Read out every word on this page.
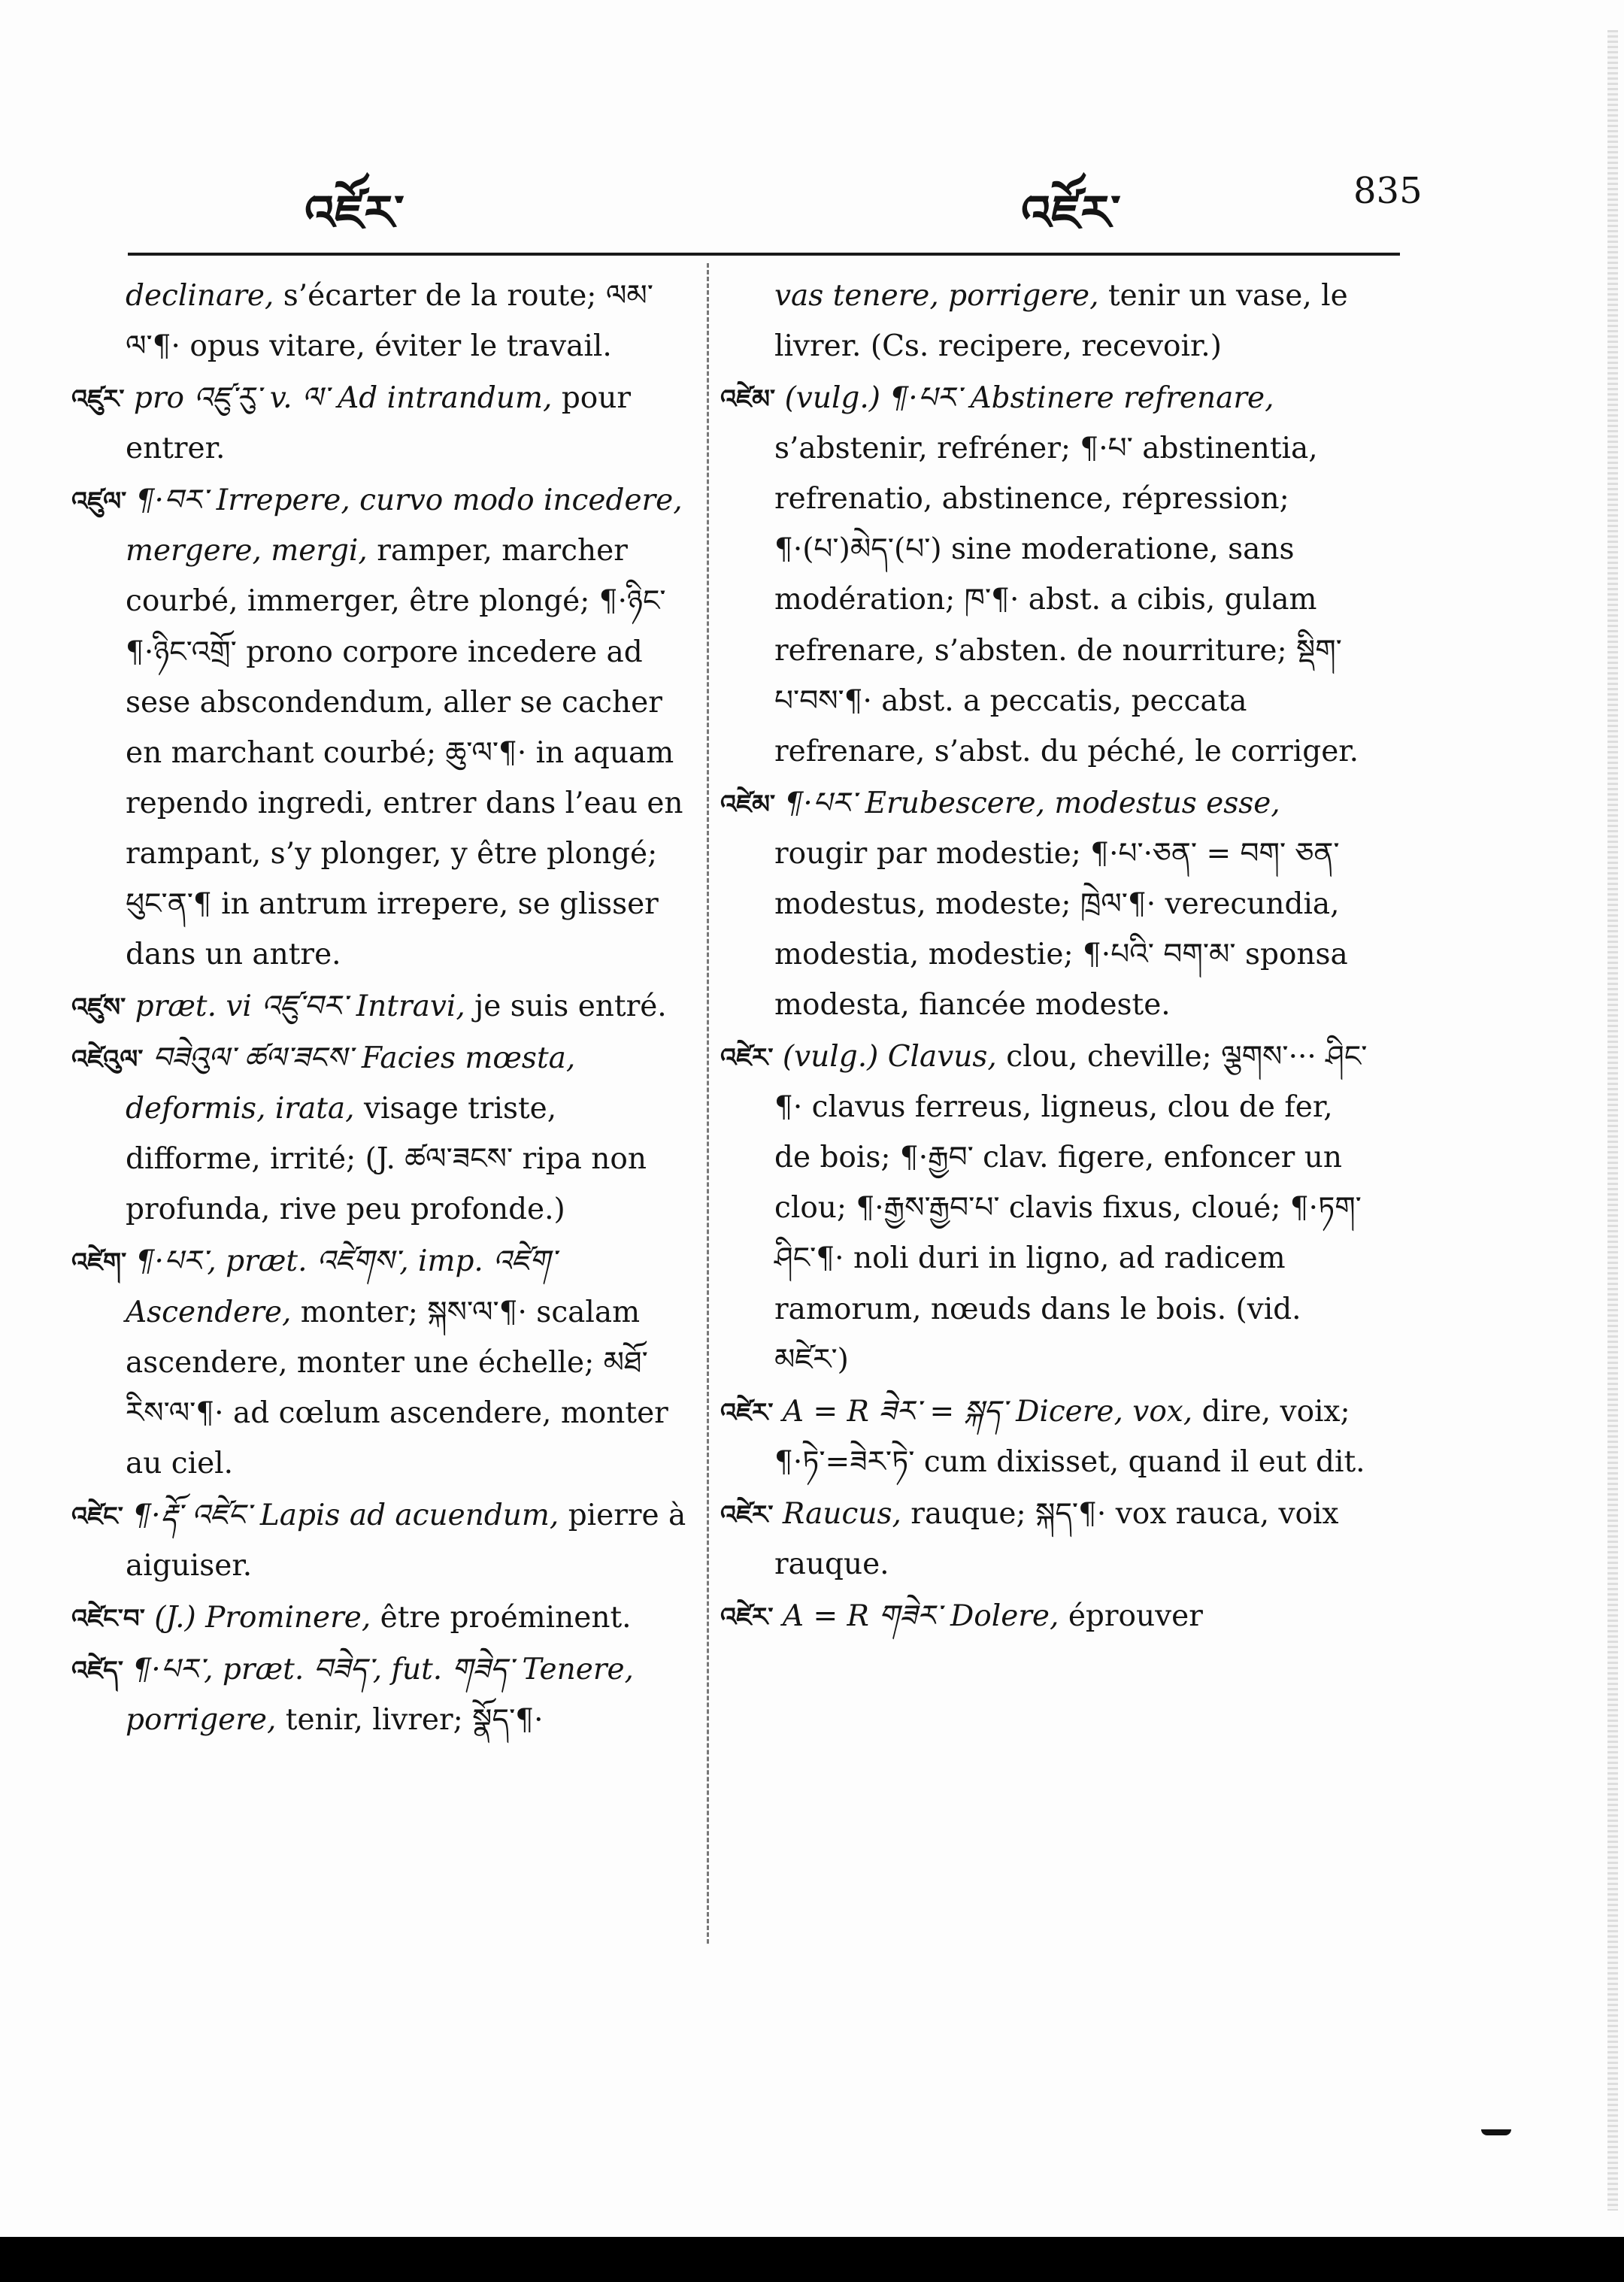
འཛོར་	འཛོར་	835

declinare, s’écarter de la route; ལམ་ ལ་¶· opus vitare, éviter le travail.

འཛུར་ pro འཛུ་རུ་ v. ལ་ Ad intrandum, pour entrer.

འཛུལ་ ¶·བར་ Irrepere, curvo modo incedere, mergere, mergi, ramper, marcher courbé, immerger, être plongé; ¶·ཉིང་ ¶·ཉིང་འགྲོ་ prono corpore incedere ad sese abscondendum, aller se cacher en marchant courbé; ཆུ་ལ་¶· in aquam rependo ingredi, entrer dans l’eau en rampant, s’y plonger, y être plongé; ཕུང་ན་¶ in antrum irrepere, se glisser dans un antre.

འཛུས་ præt. vi འཛུ་བར་ Intravi, je suis entré.

འཛེའུལ་ བཟེའུལ་ ཚལ་ཟངས་ Facies mœsta, deformis, irata, visage triste, difforme, irrité; (J. ཚལ་ཟངས་ ripa non profunda, rive peu profonde.)

འཛེག་ ¶·པར་, præt. འཛེགས་, imp. འཛེག་ Ascendere, monter; སྐས་ལ་¶· scalam ascendere, monter une échelle; མཐོ་ རིས་ལ་¶· ad cœlum ascendere, monter au ciel.

འཛེང་ ¶·རྡོ་ འཛེང་ Lapis ad acuendum, pierre à aiguiser.

འཛེང་བ་ (J.) Prominere, être proéminent.

འཛེད་ ¶·པར་, præt. བཟེད་, fut. གཟེད་ Tenere, porrigere, tenir, livrer; སྣོད་¶·

vas tenere, porrigere, tenir un vase, le livrer. (Cs. recipere, recevoir.)

འཛེམ་ (vulg.) ¶·པར་ Abstinere refrenare, s’abstenir, refréner; ¶·པ་ abstinentia, refrenatio, abstinence, répression; ¶·(པ་)མེད་(པ་) sine moderatione, sans modération; ཁ་¶· abst. a cibis, gulam refrenare, s’absten. de nourriture; སྡིག་ པ་བས་¶· abst. a peccatis, peccata refrenare, s’abst. du péché, le corriger.

འཛེམ་ ¶·པར་ Erubescere, modestus esse, rougir par modestie; ¶·པ་·ཅན་ = བག་ ཅན་ modestus, modeste; ཁྲེལ་¶· verecundia, modestia, modestie; ¶·པའི་ བག་མ་ sponsa modesta, fiancée modeste.

འཛེར་ (vulg.) Clavus, clou, cheville; ལྕགས་··· ཤིང་¶· clavus ferreus, ligneus, clou de fer, de bois; ¶·རྒྱབ་ clav. figere, enfoncer un clou; ¶·རྒྱས་རྒྱབ་པ་ clavis fixus, cloué; ¶·ཏག་ ཤིང་¶· noli duri in ligno, ad radicem ramorum, nœuds dans le bois. (vid. མཛེར་)

འཛེར་ A = R ཟེར་ = སྐད་ Dicere, vox, dire, voix; ¶·ཏེ་=ཟེར་ཏེ་ cum dixisset, quand il eut dit.

འཛེར་ Raucus, rauque; སྐད་¶· vox rauca, voix rauque.

འཛེར་ A = R གཟེར་ Dolere, éprouver
